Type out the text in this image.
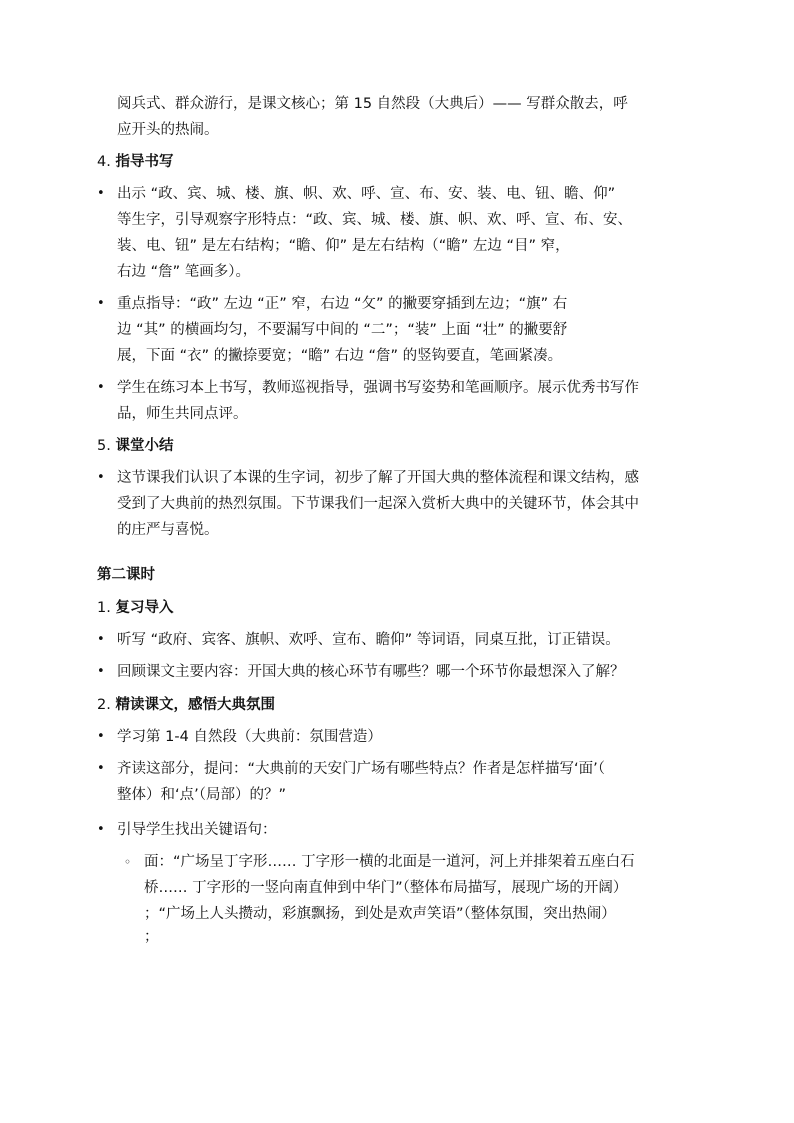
阅兵式、群众游行，是课文核心；第 15 自然段（大典后）—— 写群众散去，呼
应开头的热闹。
4. 指导书写
• 出示 “政、宾、城、楼、旗、帜、欢、呼、宣、布、安、装、电、钮、瞻、仰”
等生字，引导观察字形特点：“政、宾、城、楼、旗、帜、欢、呼、宣、布、安、
装、电、钮” 是左右结构；“瞻、仰” 是左右结构（“瞻” 左边 “目” 窄，
右边 “詹” 笔画多）。
• 重点指导：“政” 左边 “正” 窄，右边 “攵” 的撇要穿插到左边；“旗” 右
边 “其” 的横画均匀，不要漏写中间的 “二”；“装” 上面 “壮” 的撇要舒
展，下面 “衣” 的撇捺要宽；“瞻” 右边 “詹” 的竖钩要直，笔画紧凑。
• 学生在练习本上书写，教师巡视指导，强调书写姿势和笔画顺序。展示优秀书写作
品，师生共同点评。
5. 课堂小结
• 这节课我们认识了本课的生字词，初步了解了开国大典的整体流程和课文结构，感
受到了大典前的热烈氛围。下节课我们一起深入赏析大典中的关键环节，体会其中
的庄严与喜悦。
第二课时
1. 复习导入
• 听写 “政府、宾客、旗帜、欢呼、宣布、瞻仰” 等词语，同桌互批，订正错误。
• 回顾课文主要内容：开国大典的核心环节有哪些？哪一个环节你最想深入了解？
2. 精读课文，感悟大典氛围
• 学习第 1-4 自然段（大典前：氛围营造）
• 齐读这部分，提问：“大典前的天安门广场有哪些特点？作者是怎样描写‘面’（
整体）和‘点’（局部）的？”
• 引导学生找出关键语句：
◦ 面：“广场呈丁字形…… 丁字形一横的北面是一道河，河上并排架着五座白石
桥…… 丁字形的一竖向南直伸到中华门”（整体布局描写，展现广场的开阔）
；“广场上人头攒动，彩旗飘扬，到处是欢声笑语”（整体氛围，突出热闹）
；
